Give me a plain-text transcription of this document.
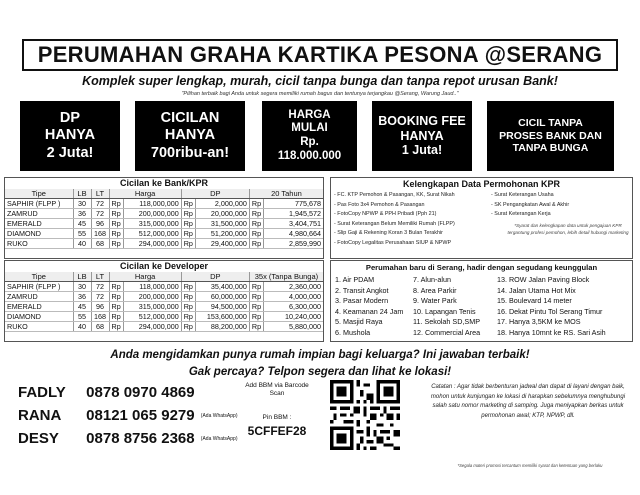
PERUMAHAN GRAHA KARTIKA PESONA @SERANG
Komplek super lengkap, murah, cicil tanpa bunga dan tanpa repot urusan Bank!
"Pilihan terbaik bagi Anda untuk segera memiliki rumah bagus dan tentunya terjangkau @Serang, Warung Jaud.."
DP
HANYA
2 Juta!
CICILAN
HANYA
700ribu-an!
HARGA
MULAI
Rp.
118.000.000
BOOKING FEE
HANYA
1 Juta!
CICIL TANPA
PROSES BANK DAN
TANPA BUNGA
Cicilan ke Bank/KPR
Tipe	LB	LT	Harga		DP		20 Tahun	
SAPHIR (FLPP )	30	72	Rp	118,000,000	Rp	2,000,000	Rp	775,678
ZAMRUD	36	72	Rp	200,000,000	Rp	20,000,000	Rp	1,945,572
EMERALD	45	96	Rp	315,000,000	Rp	31,500,000	Rp	3,404,751
DIAMOND	55	168	Rp	512,000,000	Rp	51,200,000	Rp	4,980,664
RUKO	40	68	Rp	294,000,000	Rp	29,400,000	Rp	2,859,990
Cicilan ke Developer
Tipe	LB	LT	Harga		DP		35x (Tanpa Bunga)	
SAPHIR (FLPP )	30	72	Rp	118,000,000	Rp	35,400,000	Rp	2,360,000
ZAMRUD	36	72	Rp	200,000,000	Rp	60,000,000	Rp	4,000,000
EMERALD	45	96	Rp	315,000,000	Rp	94,500,000	Rp	6,300,000
DIAMOND	55	168	Rp	512,000,000	Rp	153,600,000	Rp	10,240,000
RUKO	40	68	Rp	294,000,000	Rp	88,200,000	Rp	5,880,000
Kelengkapan Data Permohonan KPR
- FC. KTP Pemohon & Pasangan, KK, Surat Nikah
- Pas Foto 3x4 Pemohon & Pasangan
- FotoCopy NPWP & PPH Pribadi (Pph 21)
- Surat Keterangan Belum Memiliki Rumah (FLPP)
- Slip Gaji & Rekening Koran 3 Bulan Terakhir
- FotoCopy Legalitas Perusahaan SIUP & NPWP
- Surat Keterangan Usaha
- SK Pengangkatan Awal & Akhir
- Surat Keterangan Kerja
*Syarat dan kelengkapan data untuk pengajuan KPR tergantung profesi pemohon, lebih detail hubungi marketing
Perumahan baru di Serang, hadir dengan segudang keunggulan
1. Air PDAM
2. Transit Angkot
3. Pasar Modern
4. Keamanan 24 Jam
5. Masjid Raya
6. Mushola
7. Alun-alun
8. Area Parkir
9. Water Park
10. Lapangan Tenis
11. Sekolah SD,SMP
12. Commercial Area
13. ROW Jalan Paving Block
14. Jalan Utama Hot Mix
15. Boulevard 14 meter
16. Dekat Pintu Tol Serang Timur
17. Hanya 3,5KM ke MOS
18. Hanya 10mnt ke RS. Sari Asih
Anda mengidamkan punya rumah impian bagi keluarga? Ini jawaban terbaik!
Gak percaya? Telpon segera dan lihat ke lokasi!
FADLY 0878 0970 4869
RANA 08121 065 9279 (Ada WhatsApp)
DESY 0878 8756 2368 (Ada WhatsApp)
Add BBM via Barcode Scan
Pin BBM :
5CFFEF28
Catatan : Agar tidak berbenturan jadwal dan dapat di layani dengan baik, mohon untuk kunjungan ke lokasi di harapkan sebelumnya menghubungi salah satu nomor marketing di samping. Juga meniyapkan berkas untuk permohonan awal; KTP, NPWP, dll.
*Segala materi promosi tercantum memiliki syarat dan ketentuan yang berlaku
